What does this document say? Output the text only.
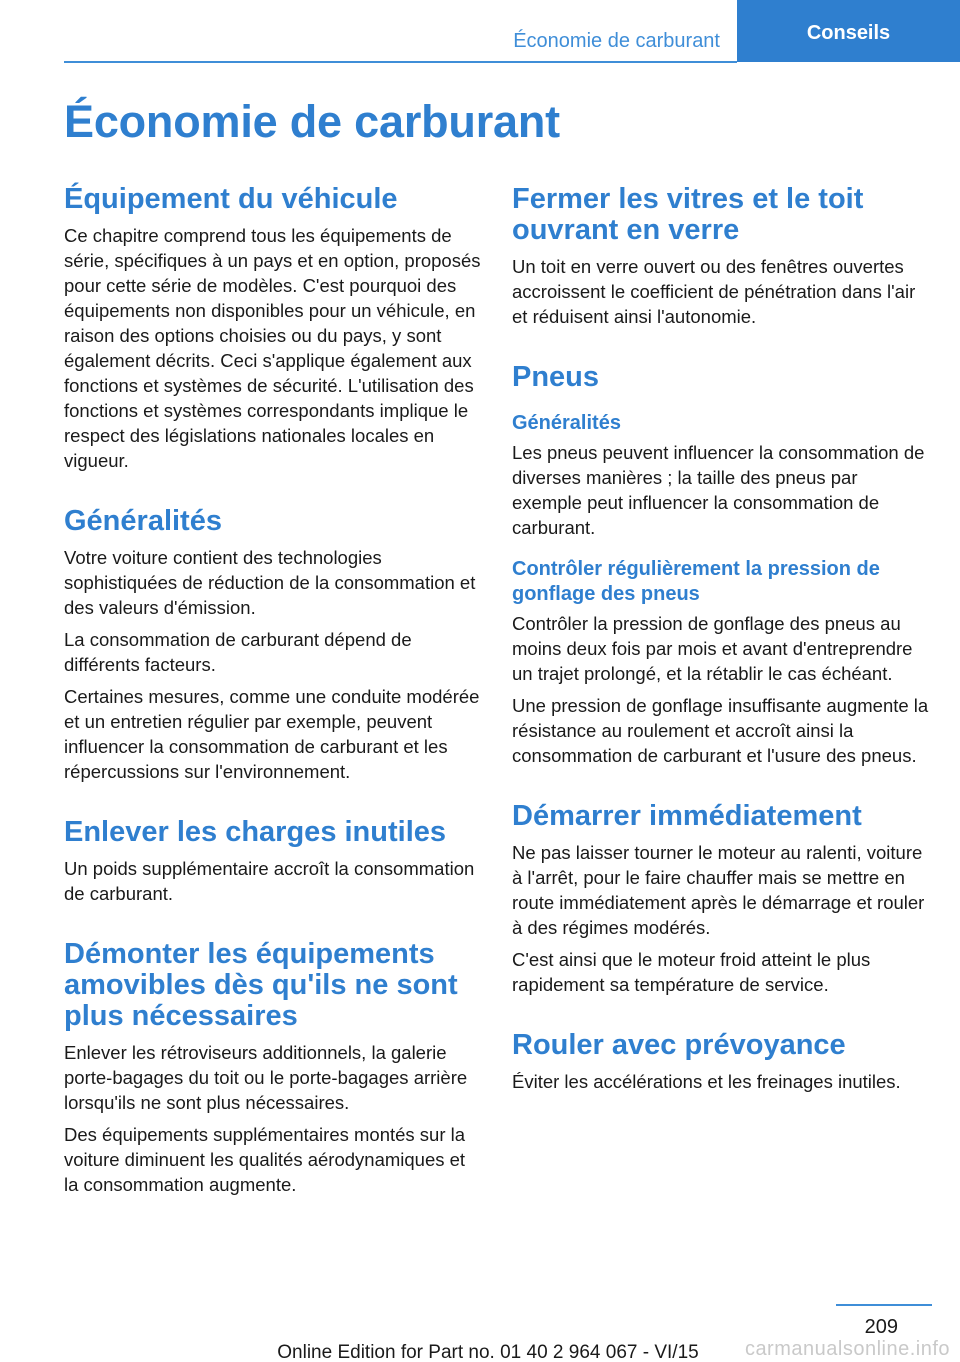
Économie de carburant	Conseils
Économie de carburant
Équipement du véhicule

Ce chapitre comprend tous les équipements de série, spécifiques à un pays et en option, proposés pour cette série de modèles. C'est pourquoi des équipements non disponibles pour un véhicule, en raison des options choisies ou du pays, y sont également décrits. Ceci s'applique également aux fonctions et systèmes de sécurité. L'utilisation des fonctions et systèmes correspondants implique le respect des législations nationales locales en vigueur.

Généralités

Votre voiture contient des technologies sophistiquées de réduction de la consommation et des valeurs d'émission.

La consommation de carburant dépend de différents facteurs.

Certaines mesures, comme une conduite modérée et un entretien régulier par exemple, peuvent influencer la consommation de carburant et les répercussions sur l'environnement.

Enlever les charges inutiles

Un poids supplémentaire accroît la consommation de carburant.

Démonter les équipements amovibles dès qu'ils ne sont plus nécessaires

Enlever les rétroviseurs additionnels, la galerie porte-bagages du toit ou le porte-bagages arrière lorsqu'ils ne sont plus nécessaires.

Des équipements supplémentaires montés sur la voiture diminuent les qualités aérodynamiques et la consommation augmente.

Fermer les vitres et le toit ouvrant en verre

Un toit en verre ouvert ou des fenêtres ouvertes accroissent le coefficient de pénétration dans l'air et réduisent ainsi l'autonomie.

Pneus
Généralités

Les pneus peuvent influencer la consommation de diverses manières ; la taille des pneus par exemple peut influencer la consommation de carburant.

Contrôler régulièrement la pression de gonflage des pneus

Contrôler la pression de gonflage des pneus au moins deux fois par mois et avant d'entreprendre un trajet prolongé, et la rétablir le cas échéant.

Une pression de gonflage insuffisante augmente la résistance au roulement et accroît ainsi la consommation de carburant et l'usure des pneus.

Démarrer immédiatement

Ne pas laisser tourner le moteur au ralenti, voiture à l'arrêt, pour le faire chauffer mais se mettre en route immédiatement après le démarrage et rouler à des régimes modérés.

C'est ainsi que le moteur froid atteint le plus rapidement sa température de service.

Rouler avec prévoyance

Éviter les accélérations et les freinages inutiles.

209
Online Edition for Part no. 01 40 2 964 067 - VI/15	carmanualsonline.info
